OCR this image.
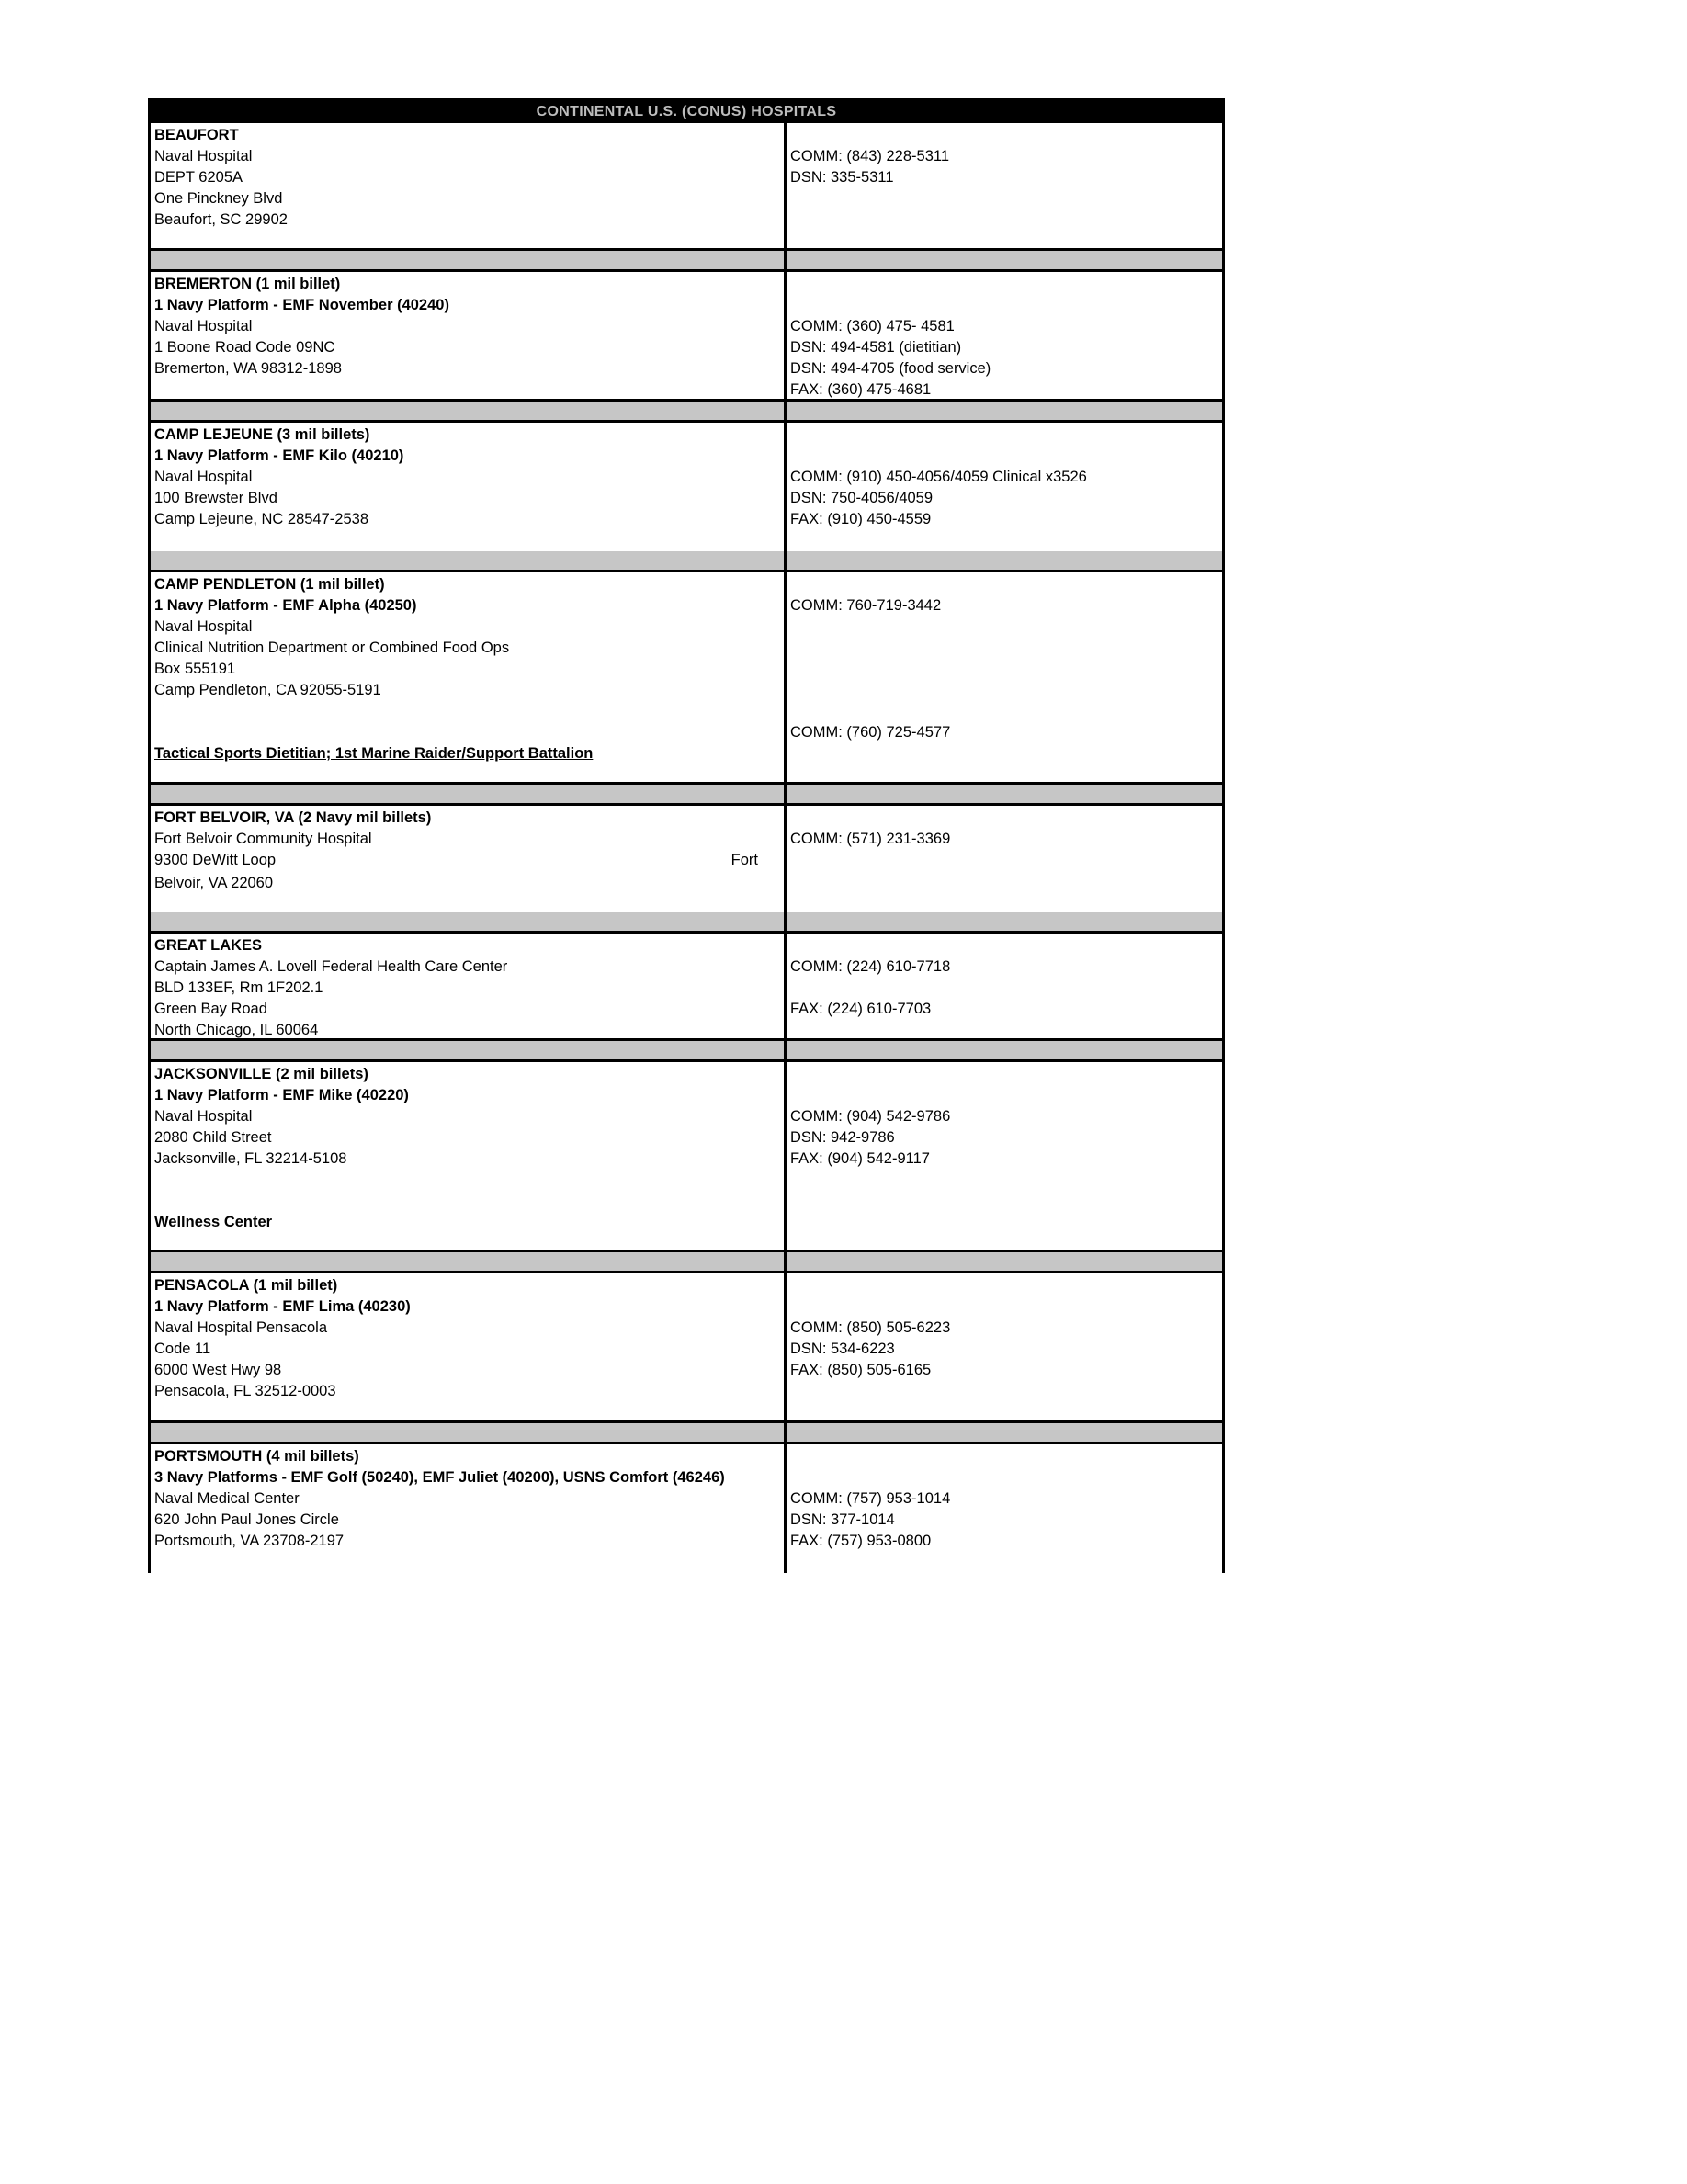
CONTINENTAL U.S. (CONUS) HOSPITALS
BEAUFORT
Naval Hospital
DEPT 6205A
One Pinckney Blvd
Beaufort, SC 29902
COMM: (843) 228-5311
DSN: 335-5311
BREMERTON (1 mil billet)
1 Navy Platform - EMF November (40240)
Naval Hospital
1 Boone Road Code 09NC
Bremerton, WA 98312-1898
COMM: (360) 475- 4581
DSN: 494-4581 (dietitian)
DSN: 494-4705 (food service)
FAX: (360) 475-4681
CAMP LEJEUNE (3 mil billets)
1 Navy Platform - EMF Kilo (40210)
Naval Hospital
100 Brewster Blvd
Camp Lejeune, NC 28547-2538
COMM: (910) 450-4056/4059 Clinical x3526
DSN: 750-4056/4059
FAX: (910) 450-4559
CAMP PENDLETON (1 mil billet)
1 Navy Platform - EMF Alpha (40250)
Naval Hospital
Clinical Nutrition Department or Combined Food Ops
Box 555191
Camp Pendleton, CA 92055-5191
Tactical Sports Dietitian; 1st Marine Raider/Support Battalion
COMM: 760-719-3442
COMM: (760) 725-4577
FORT BELVOIR, VA (2 Navy mil billets)
Fort Belvoir Community Hospital
9300 DeWitt Loop	Fort
Belvoir, VA 22060
COMM: (571) 231-3369
GREAT LAKES
Captain James A. Lovell Federal Health Care Center
BLD 133EF, Rm 1F202.1
Green Bay Road
North Chicago, IL 60064
COMM: (224) 610-7718
FAX: (224) 610-7703
JACKSONVILLE (2 mil billets)
1 Navy Platform - EMF Mike (40220)
Naval Hospital
2080 Child Street
Jacksonville, FL 32214-5108
Wellness Center
COMM: (904) 542-9786
DSN: 942-9786
FAX: (904) 542-9117
PENSACOLA (1 mil billet)
1 Navy Platform - EMF Lima (40230)
Naval Hospital Pensacola
Code 11
6000 West Hwy 98
Pensacola, FL 32512-0003
COMM: (850) 505-6223
DSN: 534-6223
FAX: (850) 505-6165
PORTSMOUTH (4 mil billets)
3 Navy Platforms - EMF Golf (50240), EMF Juliet (40200), USNS Comfort (46246)
Naval Medical Center
620 John Paul Jones Circle
Portsmouth, VA 23708-2197
COMM: (757) 953-1014
DSN: 377-1014
FAX: (757) 953-0800
